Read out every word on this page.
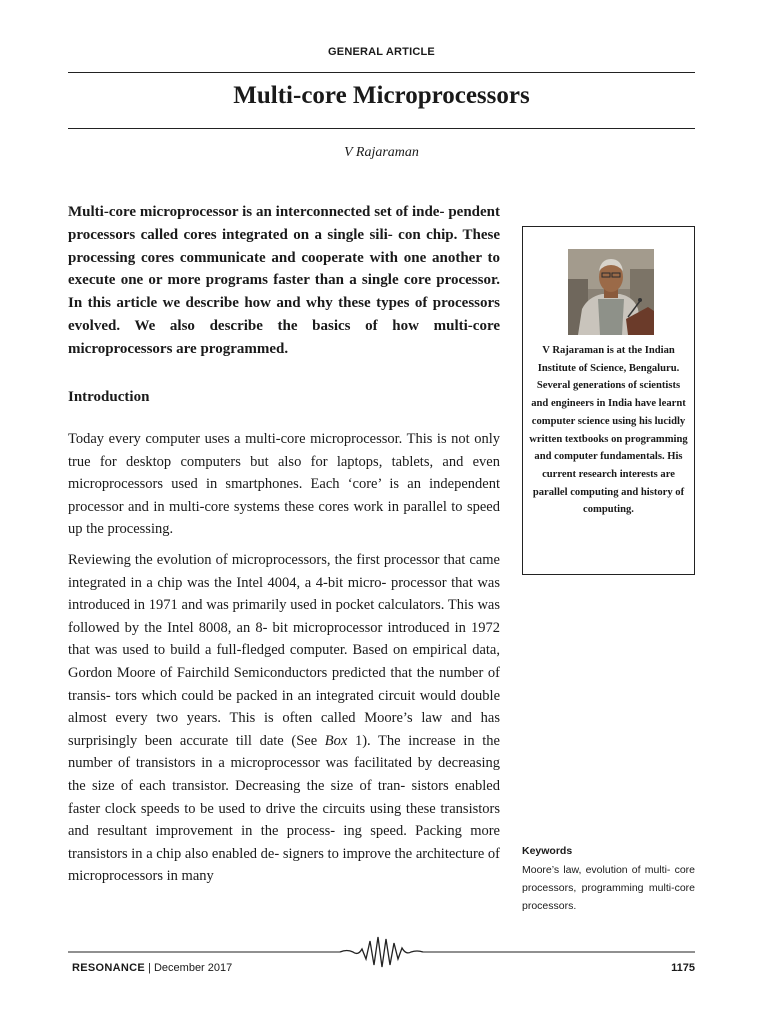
GENERAL ARTICLE
Multi-core Microprocessors
V Rajaraman
Multi-core microprocessor is an interconnected set of inde- pendent processors called cores integrated on a single sili- con chip. These processing cores communicate and cooperate with one another to execute one or more programs faster than a single core processor. In this article we describe how and why these types of processors evolved. We also describe the basics of how multi-core microprocessors are programmed.
Introduction
Today every computer uses a multi-core microprocessor. This is not only true for desktop computers but also for laptops, tablets, and even microprocessors used in smartphones. Each ‘core’ is an independent processor and in multi-core systems these cores work in parallel to speed up the processing.
Reviewing the evolution of microprocessors, the first processor that came integrated in a chip was the Intel 4004, a 4-bit micro- processor that was introduced in 1971 and was primarily used in pocket calculators. This was followed by the Intel 8008, an 8- bit microprocessor introduced in 1972 that was used to build a full-fledged computer. Based on empirical data, Gordon Moore of Fairchild Semiconductors predicted that the number of transis- tors which could be packed in an integrated circuit would double almost every two years. This is often called Moore’s law and has surprisingly been accurate till date (See Box 1). The increase in the number of transistors in a microprocessor was facilitated by decreasing the size of each transistor. Decreasing the size of tran- sistors enabled faster clock speeds to be used to drive the circuits using these transistors and resultant improvement in the process- ing speed. Packing more transistors in a chip also enabled de- signers to improve the architecture of microprocessors in many
V Rajaraman is at the Indian Institute of Science, Bengaluru. Several generations of scientists and engineers in India have learnt computer science using his lucidly written textbooks on programming and computer fundamentals. His current research interests are parallel computing and history of computing.
Keywords
Moore’s law, evolution of multi- core processors, programming multi-core processors.
RESONANCE | December 2017	1175
